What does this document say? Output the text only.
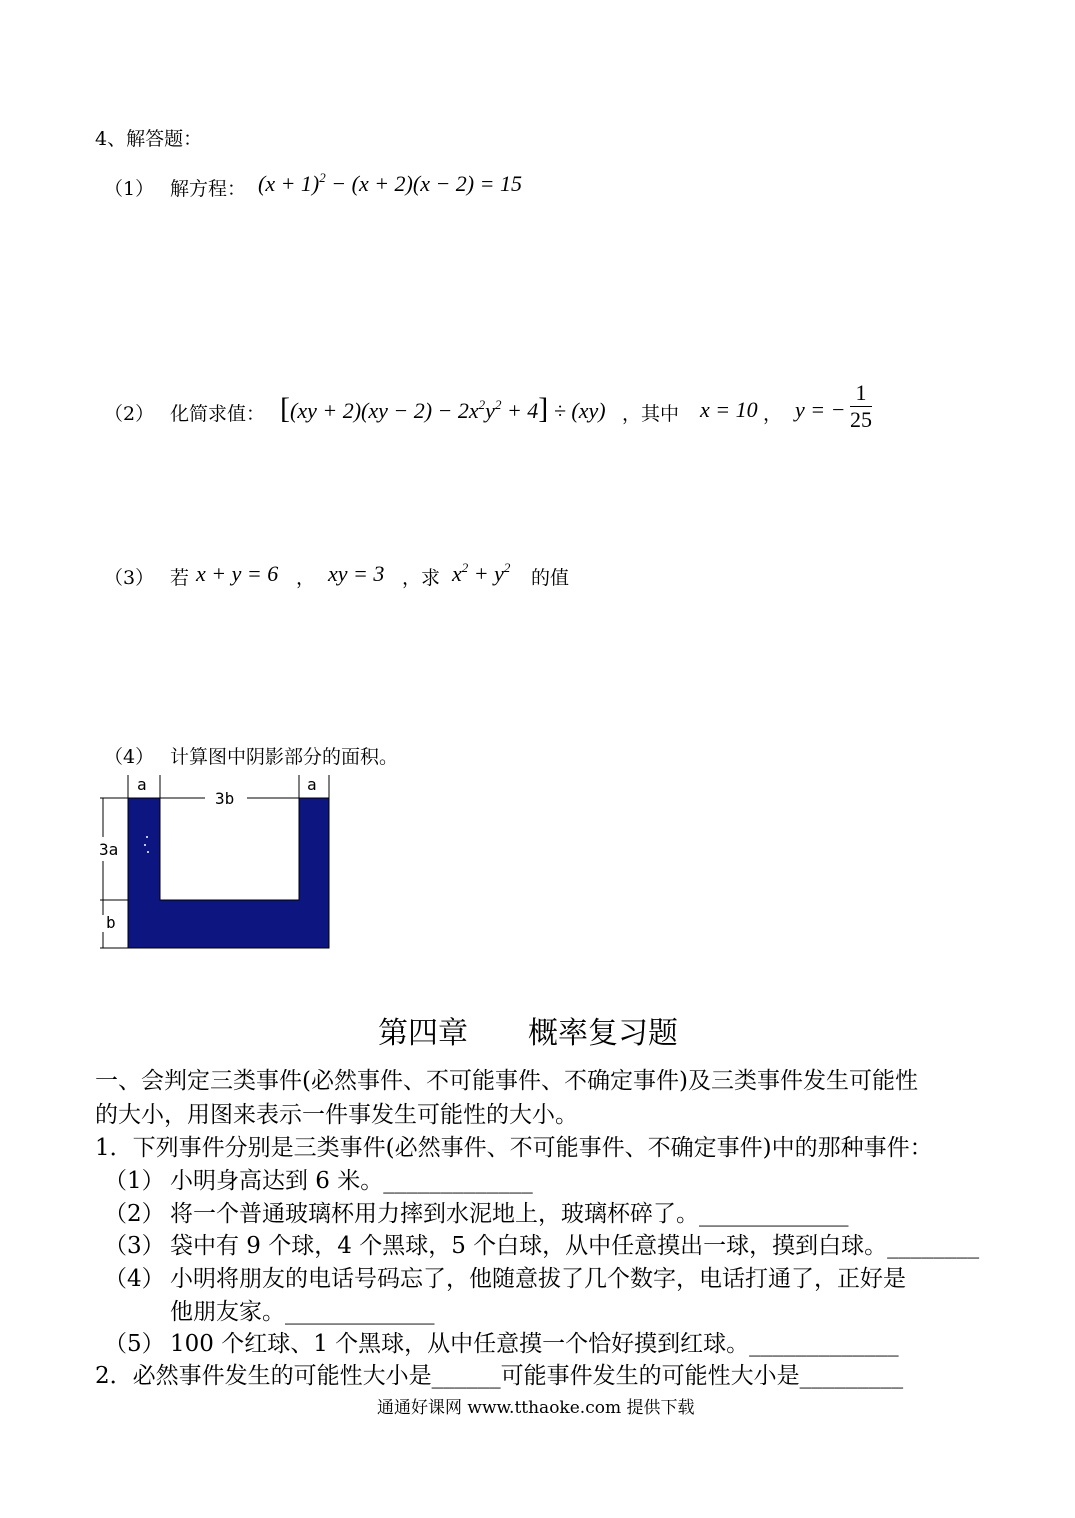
4、解答题：
（1） 解方程： $(x + 1)^2 - (x + 2)(x - 2) = 15$
（2） 化简求值： $[(xy + 2)(xy - 2) - 2x^2y^2 + 4] \div (xy)$ ，其中 x = 10 ， y = − $\frac{1}{25}$
（3） 若 x + y = 6 ， xy = 3 ，求 $x^2 + y^2$ 的值
（4） 计算图中阴影部分的面积。
a
3b
a
3a
b
第四章　　概率复习题
一、会判定三类事件(必然事件、不可能事件、不确定事件)及三类事件发生可能性
的大小，用图来表示一件事发生可能性的大小。
1．下列事件分别是三类事件(必然事件、不可能事件、不确定事件)中的那种事件：
（1） 小明身高达到 6 米。_____________
（2） 将一个普通玻璃杯用力摔到水泥地上，玻璃杯碎了。_____________
（3） 袋中有 9 个球，4 个黑球，5 个白球，从中任意摸出一球，摸到白球。________
（4） 小明将朋友的电话号码忘了，他随意拔了几个数字，电话打通了，正好是
他朋友家。_____________
（5） 100 个红球、1 个黑球，从中任意摸一个恰好摸到红球。_____________
2．必然事件发生的可能性大小是______可能事件发生的可能性大小是_________
通通好课网 www.tthaoke.com 提供下载
